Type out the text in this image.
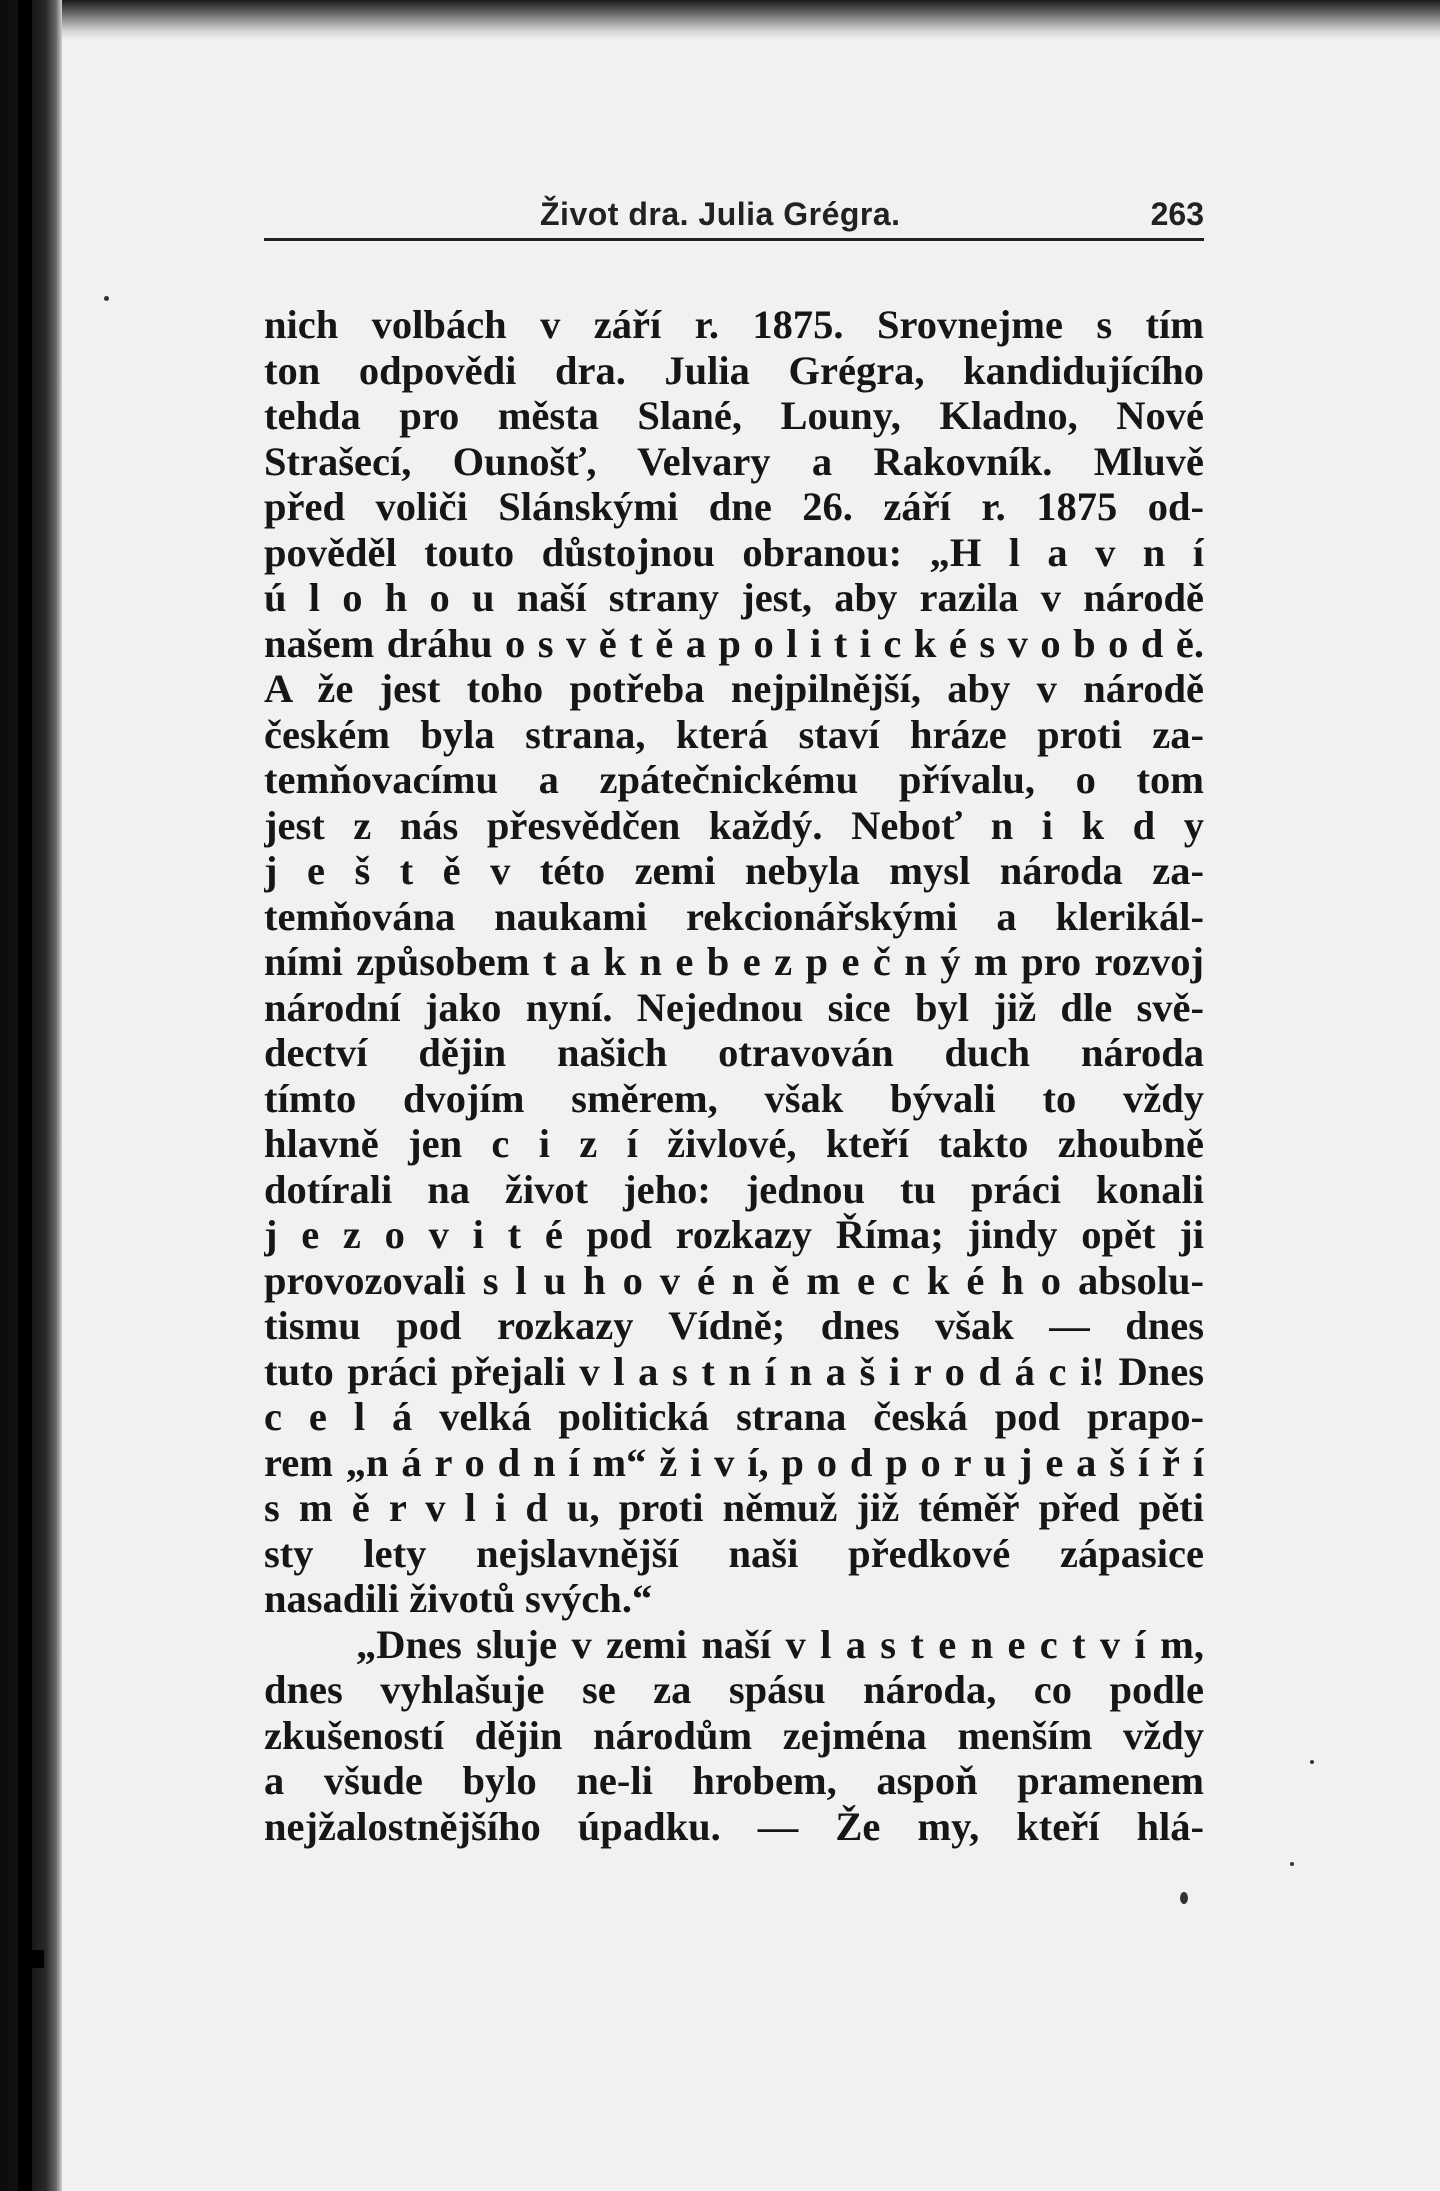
Život dra. Julia Grégra.	263
nich volbách v září r. 1875. Srovnejme s tím
ton odpovědi dra. Julia Grégra, kandidujícího
tehda pro města Slané, Louny, Kladno, Nové
Strašecí, Ounošť, Velvary a Rakovník. Mluvě
před voliči Slánskými dne 26. září r. 1875 od-
pověděl touto důstojnou obranou: „H l a v n í
ú l o h o u naší strany jest, aby razila v národě
našem dráhu o s v ě t ě a p o l i t i c k é s v o b o d ě.
A že jest toho potřeba nejpilnější, aby v národě
českém byla strana, která staví hráze proti za-
temňovacímu a zpátečnickému přívalu, o tom
jest z nás přesvědčen každý. Neboť n i k d y
j e š t ě v této zemi nebyla mysl národa za-
temňována naukami rekcionářskými a klerikál-
ními způsobem t a k n e b e z p e č n ý m pro rozvoj
národní jako nyní. Nejednou sice byl již dle svě-
dectví dějin našich otravován duch národa
tímto dvojím směrem, však bývali to vždy
hlavně jen c i z í živlové, kteří takto zhoubně
dotírali na život jeho: jednou tu práci konali
j e z o v i t é pod rozkazy Říma; jindy opět ji
provozovali s l u h o v é n ě m e c k é h o absolu-
tismu pod rozkazy Vídně; dnes však — dnes
tuto práci přejali v l a s t n í n a š i r o d á c i! Dnes
c e l á velká politická strana česká pod prapo-
rem „n á r o d n í m“ ž i v í, p o d p o r u j e a š í ř í
s m ě r v l i d u, proti němuž již téměř před pěti
sty lety nejslavnější naši předkové zápasice
nasadili životů svých.“
„Dnes sluje v zemi naší v l a s t e n e c t v í m,
dnes vyhlašuje se za spásu národa, co podle
zkušeností dějin národům zejména menším vždy
a všude bylo ne-li hrobem, aspoň pramenem
nejžalostnějšího úpadku. — Že my, kteří hlá-
